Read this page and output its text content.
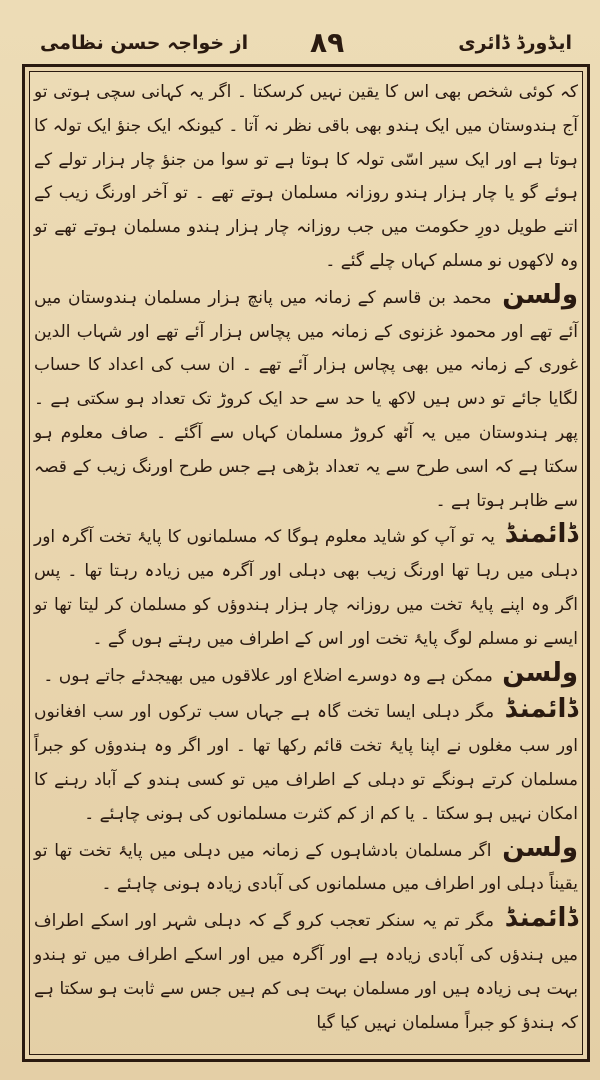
ایڈورڈ ڈائری
۸۹
از خواجہ حسن نظامی

کہ کوئی شخص بھی اس کا یقین نہیں کرسکتا ۔ اگر یہ کہانی سچی ہوتی تو آج ہندوستان میں ایک ہندو بھی باقی نظر نہ آتا ۔ کیونکہ ایک جنؤ ایک تولہ کا ہوتا ہے اور ایک سیر اسّی تولہ کا ہوتا ہے تو سوا من جنؤ چار ہزار تولے کے ہوئے گو یا چار ہزار ہندو روزانہ مسلمان ہوتے تھے ۔ تو آخر اورنگ زیب کے اتنے طویل دورِ حکومت میں جب روزانہ چار ہزار ہندو مسلمان ہوتے تھے تو وہ لاکھوں نو مسلم کہاں چلے گئے ۔

ولسن محمد بن قاسم کے زمانہ میں پانچ ہزار مسلمان ہندوستان میں آئے تھے اور محمود غزنوی کے زمانہ میں پچاس ہزار آئے تھے اور شہاب الدین غوری کے زمانہ میں بھی پچاس ہزار آئے تھے ۔ ان سب کی اعداد کا حساب لگایا جائے تو دس ہیں لاکھ یا حد سے حد ایک کروڑ تک تعداد ہو سکتی ہے ۔ پھر ہندوستان میں یہ آٹھ کروڑ مسلمان کہاں سے آگئے ۔ صاف معلوم ہو سکتا ہے کہ اسی طرح سے یہ تعداد بڑھی ہے جس طرح اورنگ زیب کے قصہ سے ظاہر ہوتا ہے ۔

ڈائمنڈ یہ تو آپ کو شاید معلوم ہوگا کہ مسلمانوں کا پایۂ تخت آگرہ اور دہلی میں رہا تھا اورنگ زیب بھی دہلی اور آگرہ میں زیادہ رہتا تھا ۔ پس اگر وہ اپنے پایۂ تخت میں روزانہ چار ہزار ہندوؤں کو مسلمان کر لیتا تھا تو ایسے نو مسلم لوگ پایۂ تخت اور اس کے اطراف میں رہتے ہوں گے ۔

ولسن ممکن ہے وہ دوسرے اضلاع اور علاقوں میں بھیجدئے جاتے ہوں ۔

ڈائمنڈ مگر دہلی ایسا تخت گاہ ہے جہاں سب ترکوں اور سب افغانوں اور سب مغلوں نے اپنا پایۂ تخت قائم رکھا تھا ۔ اور اگر وہ ہندوؤں کو جبراً مسلمان کرتے ہونگے تو دہلی کے اطراف میں تو کسی ہندو کے آباد رہنے کا امکان نہیں ہو سکتا ۔ یا کم از کم کثرت مسلمانوں کی ہونی چاہئے ۔

ولسن اگر مسلمان بادشاہوں کے زمانہ میں دہلی میں پایۂ تخت تھا تو یقیناً دہلی اور اطراف میں مسلمانوں کی آبادی زیادہ ہونی چاہئے ۔

ڈائمنڈ مگر تم یہ سنکر تعجب کرو گے کہ دہلی شہر اور اسکے اطراف میں ہندؤں کی آبادی زیادہ ہے اور آگرہ میں اور اسکے اطراف میں تو ہندو بہت ہی زیادہ ہیں اور مسلمان بہت ہی کم ہیں جس سے ثابت ہو سکتا ہے کہ ہندؤ کو جبراً مسلمان نہیں کیا گیا
